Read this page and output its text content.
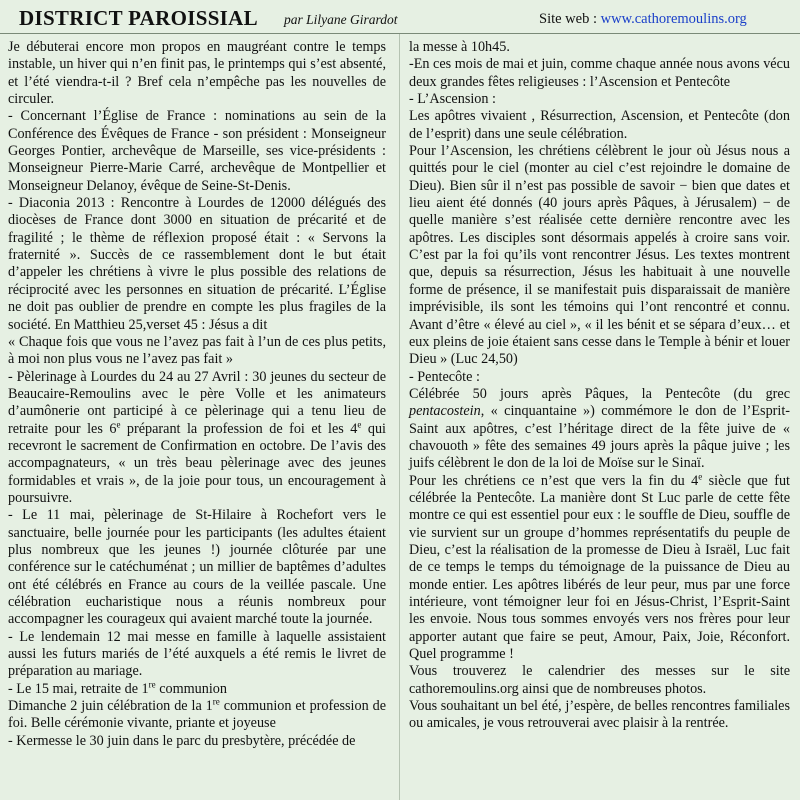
DISTRICT PAROISSIAL par Lilyane Girardot	Site web : www.cathoremoulins.org

Je débuterai encore mon propos en maugréant contre le temps instable, un hiver qui n’en finit pas, le printemps qui s’est absenté, et l’été viendra-t-il ? Bref cela n’empêche pas les nouvelles de circuler.

- Concernant l’Église de France : nominations au sein de la Conférence des Évêques de France - son président : Monseigneur Georges Pontier, archevêque de Marseille, ses vice-présidents : Monseigneur Pierre-Marie Carré, archevêque de Montpellier et Monseigneur Delanoy, évêque de Seine-St-Denis.

- Diaconia 2013 : Rencontre à Lourdes de 12000 délégués des diocèses de France dont 3000 en situation de précarité et de fragilité ; le thème de réflexion proposé était : « Servons la fraternité ». Succès de ce rassemblement dont le but était d’appeler les chrétiens à vivre le plus possible des relations de réciprocité avec les personnes en situation de précarité. L’Église ne doit pas oublier de prendre en compte les plus fragiles de la société. En Matthieu 25,verset 45 : Jésus a dit

« Chaque fois que vous ne l’avez pas fait à l’un de ces plus petits, à moi non plus vous ne l’avez pas fait »

- Pèlerinage à Lourdes du 24 au 27 Avril : 30 jeunes du secteur de Beaucaire-Remoulins avec le père Volle et les animateurs d’aumônerie ont participé à ce pèlerinage qui a tenu lieu de retraite pour les 6e préparant la profession de foi et les 4e qui recevront le sacrement de Confirmation en octobre. De l’avis des accompagnateurs, « un très beau pèlerinage avec des jeunes formidables et vrais », de la joie pour tous, un encouragement à poursuivre.

- Le 11 mai, pèlerinage de St-Hilaire à Rochefort vers le sanctuaire, belle journée pour les participants (les adultes étaient plus nombreux que les jeunes !) journée clôturée par une conférence sur le catéchuménat ; un millier de baptêmes d’adultes ont été célébrés en France au cours de la veillée pascale. Une célébration eucharistique nous a réunis nombreux pour accompagner les courageux qui avaient marché toute la journée.

- Le lendemain 12 mai messe en famille à laquelle assistaient aussi les futurs mariés de l’été auxquels a été remis le livret de préparation au mariage.

- Le 15 mai, retraite de 1re communion

Dimanche 2 juin célébration de la 1re communion et profession de foi. Belle cérémonie vivante, priante et joyeuse

- Kermesse le 30 juin dans le parc du presbytère, précédée de

la messe à 10h45.

-En ces mois de mai et juin, comme chaque année nous avons vécu deux grandes fêtes religieuses : l’Ascension et Pentecôte

- L’Ascension :

Les apôtres vivaient , Résurrection, Ascension, et Pentecôte (don de l’esprit) dans une seule célébration.

Pour l’Ascension, les chrétiens célèbrent le jour où Jésus nous a quittés pour le ciel (monter au ciel c’est rejoindre le domaine de Dieu). Bien sûr il n’est pas possible de savoir − bien que dates et lieu aient été donnés (40 jours après Pâques, à Jérusalem) − de quelle manière s’est réalisée cette dernière rencontre avec les apôtres. Les disciples sont désormais appelés à croire sans voir. C’est par la foi qu’ils vont rencontrer Jésus. Les textes montrent que, depuis sa résurrection, Jésus les habituait à une nouvelle forme de présence, il se manifestait puis disparaissait de manière imprévisible, ils sont les témoins qui l’ont rencontré et connu. Avant d’être « élevé au ciel », « il les bénit et se sépara d’eux… et eux pleins de joie étaient sans cesse dans le Temple à bénir et louer Dieu » (Luc 24,50)

- Pentecôte :

Célébrée 50 jours après Pâques, la Pentecôte (du grec pentacostein, « cinquantaine ») commémore le don de l’Esprit-Saint aux apôtres, c’est l’héritage direct de la fête juive de « chavouoth » fête des semaines 49 jours après la pâque juive ; les juifs célèbrent le don de la loi de Moïse sur le Sinaï.

Pour les chrétiens ce n’est que vers la fin du 4e siècle que fut célébrée la Pentecôte. La manière dont St Luc parle de cette fête montre ce qui est essentiel pour eux : le souffle de Dieu, souffle de vie survient sur un groupe d’hommes représentatifs du peuple de Dieu, c’est la réalisation de la promesse de Dieu à Israël, Luc fait de ce temps le temps du témoignage de la puissance de Dieu au monde entier. Les apôtres libérés de leur peur, mus par une force intérieure, vont témoigner leur foi en Jésus-Christ, l’Esprit-Saint les envoie. Nous tous sommes envoyés vers nos frères pour leur apporter autant que faire se peut, Amour, Paix, Joie, Réconfort. Quel programme !

Vous trouverez le calendrier des messes sur le site cathoremoulins.org ainsi que de nombreuses photos.

Vous souhaitant un bel été, j’espère, de belles rencontres familiales ou amicales, je vous retrouverai avec plaisir à la rentrée.
